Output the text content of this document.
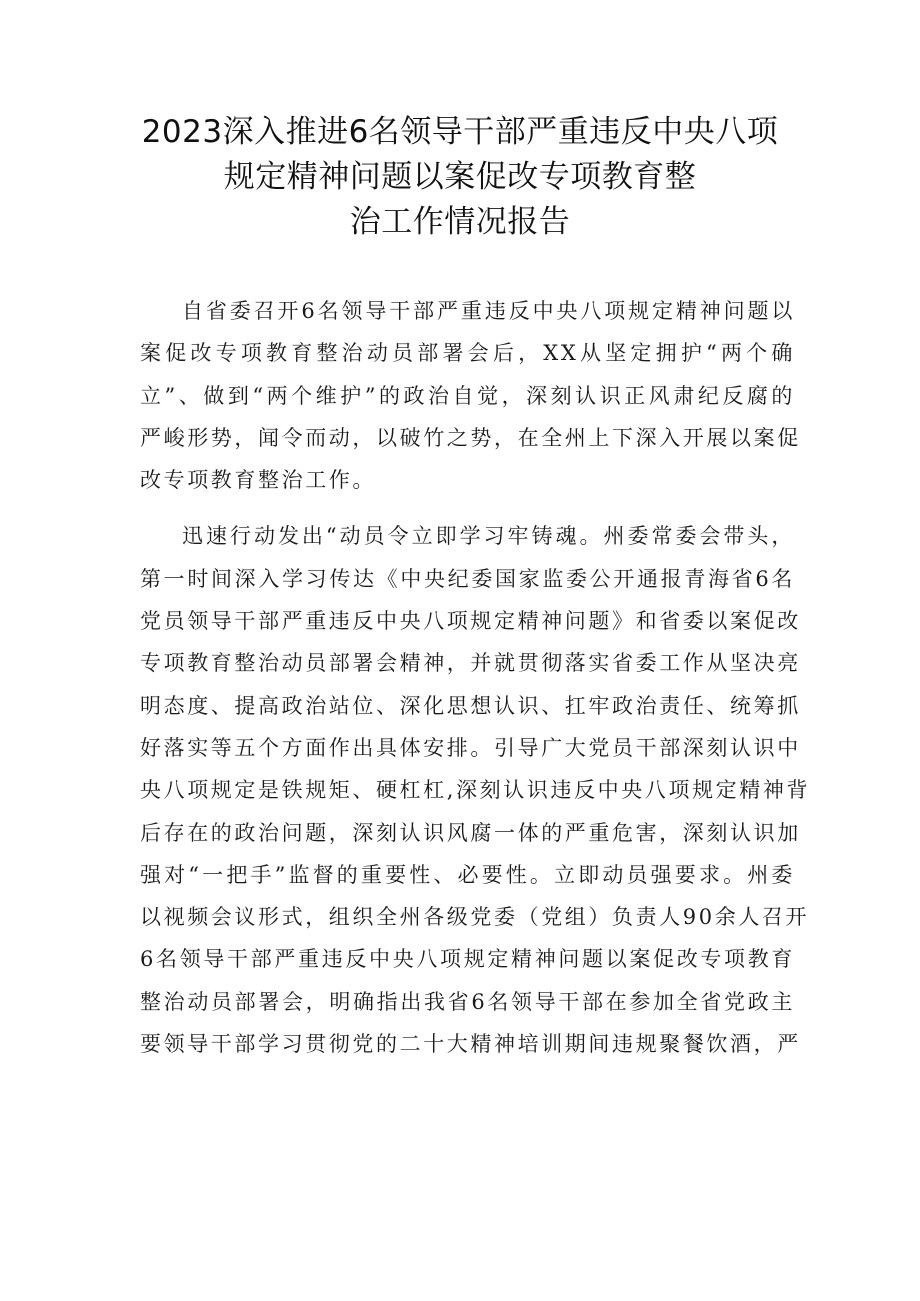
2023深入推进6名领导干部严重违反中央八项
规定精神问题以案促改专项教育整
治工作情况报告
自省委召开6名领导干部严重违反中央八项规定精神问题以
案促改专项教育整治动员部署会后，XX从坚定拥护“两个确
立”、做到“两个维护”的政治自觉，深刻认识正风肃纪反腐的
严峻形势，闻令而动，以破竹之势，在全州上下深入开展以案促
改专项教育整治工作。
迅速行动发出“动员令立即学习牢铸魂。州委常委会带头，
第一时间深入学习传达《中央纪委国家监委公开通报青海省6名
党员领导干部严重违反中央八项规定精神问题》和省委以案促改
专项教育整治动员部署会精神，并就贯彻落实省委工作从坚决亮
明态度、提高政治站位、深化思想认识、扛牢政治责任、统筹抓
好落实等五个方面作出具体安排。引导广大党员干部深刻认识中
央八项规定是铁规矩、硬杠杠,深刻认识违反中央八项规定精神背
后存在的政治问题，深刻认识风腐一体的严重危害，深刻认识加
强对“一把手”监督的重要性、必要性。立即动员强要求。州委
以视频会议形式，组织全州各级党委（党组）负责人90余人召开
6名领导干部严重违反中央八项规定精神问题以案促改专项教育
整治动员部署会，明确指出我省6名领导干部在参加全省党政主
要领导干部学习贯彻党的二十大精神培训期间违规聚餐饮酒，严
